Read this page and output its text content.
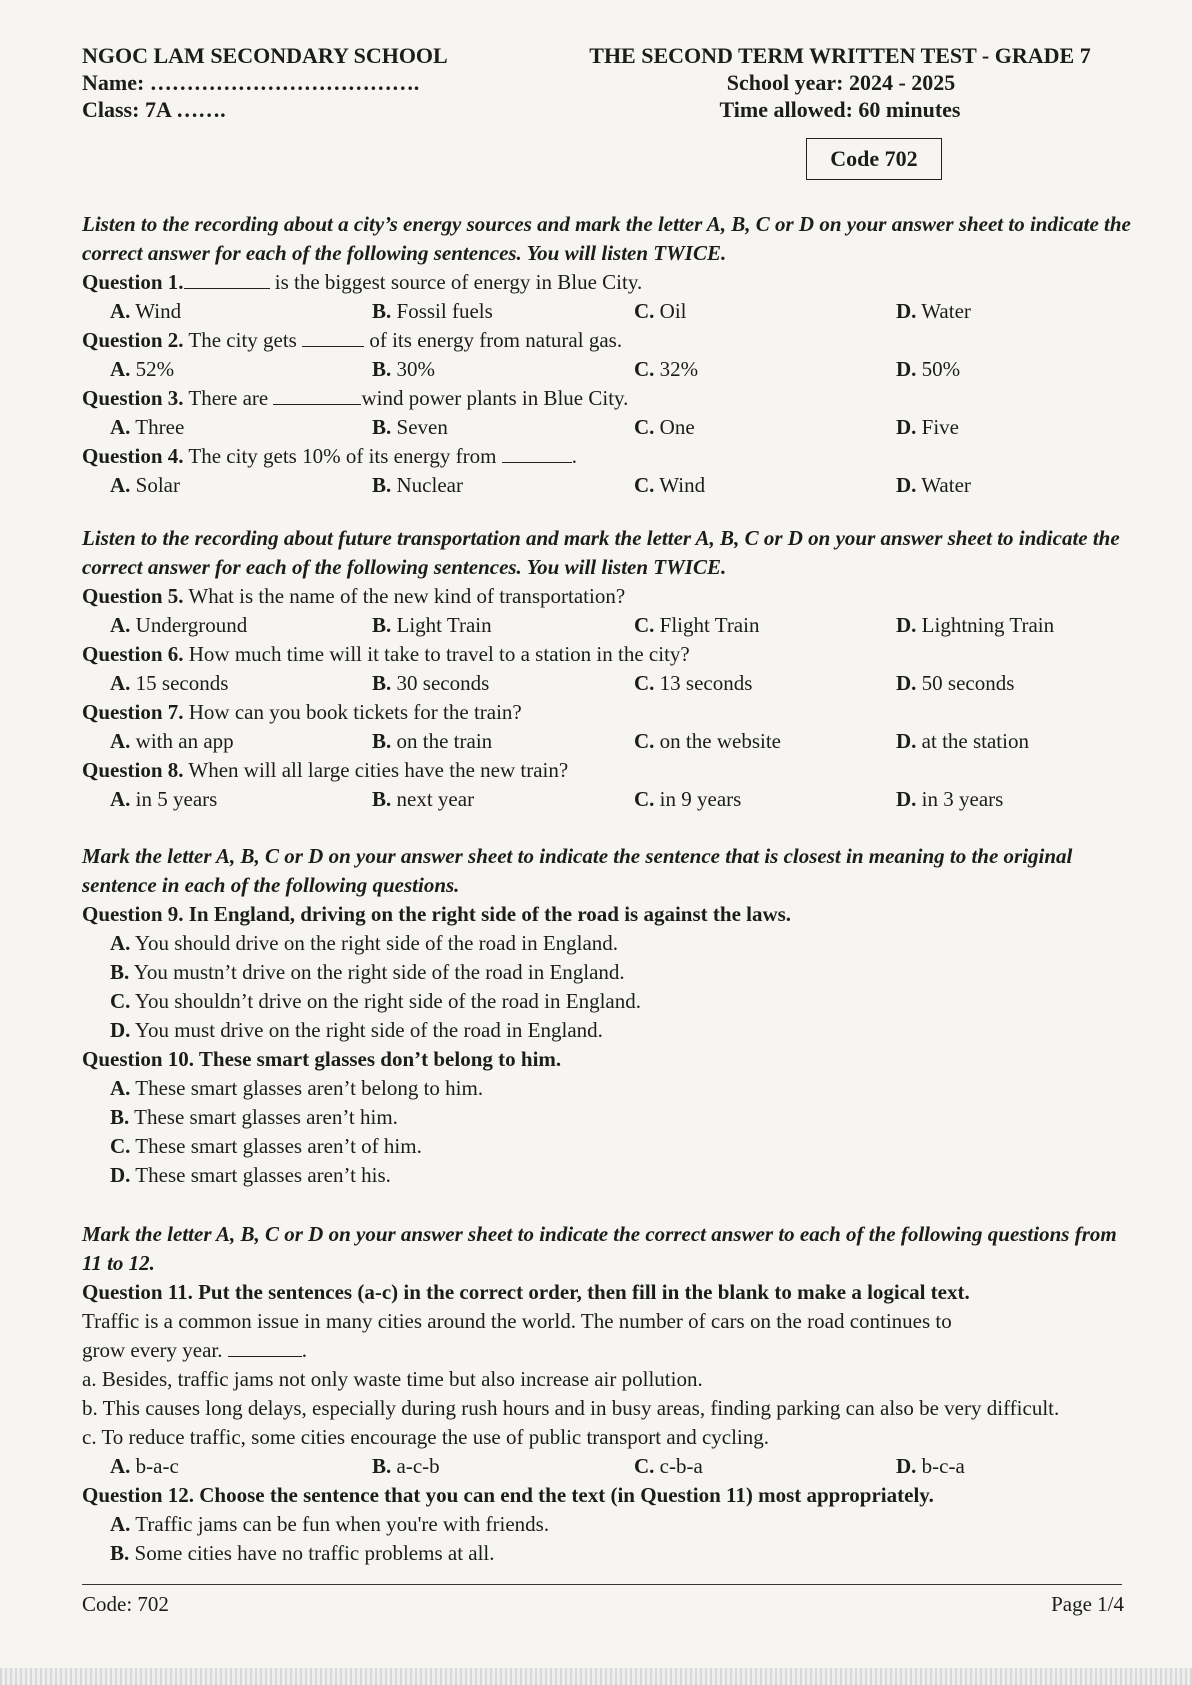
NGOC LAM SECONDARY SCHOOL
Name: ……………………………….
Class: 7A …….
THE SECOND TERM WRITTEN TEST - GRADE 7
School year: 2024 - 2025
Time allowed: 60 minutes
Code 702
Listen to the recording about a city’s energy sources and mark the letter A, B, C or D on your answer sheet to indicate the correct answer for each of the following sentences. You will listen TWICE.
Question 1.	is the biggest source of energy in Blue City.
A. Wind	B. Fossil fuels	C. Oil	D. Water
Question 2. The city gets	of its energy from natural gas.
A. 52%	B. 30%	C. 32%	D. 50%
Question 3. There are	wind power plants in Blue City.
A. Three	B. Seven	C. One	D. Five
Question 4. The city gets 10% of its energy from	.
A. Solar	B. Nuclear	C. Wind	D. Water
Listen to the recording about future transportation and mark the letter A, B, C or D on your answer sheet to indicate the correct answer for each of the following sentences. You will listen TWICE.
Question 5. What is the name of the new kind of transportation?
A. Underground	B. Light Train	C. Flight Train	D. Lightning Train
Question 6. How much time will it take to travel to a station in the city?
A. 15 seconds	B. 30 seconds	C. 13 seconds	D. 50 seconds
Question 7. How can you book tickets for the train?
A. with an app	B. on the train	C. on the website	D. at the station
Question 8. When will all large cities have the new train?
A. in 5 years	B. next year	C. in 9 years	D. in 3 years
Mark the letter A, B, C or D on your answer sheet to indicate the sentence that is closest in meaning to the original sentence in each of the following questions.
Question 9. In England, driving on the right side of the road is against the laws.
A. You should drive on the right side of the road in England.
B. You mustn’t drive on the right side of the road in England.
C. You shouldn’t drive on the right side of the road in England.
D. You must drive on the right side of the road in England.
Question 10. These smart glasses don’t belong to him.
A. These smart glasses aren’t belong to him.
B. These smart glasses aren’t him.
C. These smart glasses aren’t of him.
D. These smart glasses aren’t his.
Mark the letter A, B, C or D on your answer sheet to indicate the correct answer to each of the following questions from 11 to 12.
Question 11. Put the sentences (a-c) in the correct order, then fill in the blank to make a logical text.
Traffic is a common issue in many cities around the world. The number of cars on the road continues to
grow every year.	.
a. Besides, traffic jams not only waste time but also increase air pollution.
b. This causes long delays, especially during rush hours and in busy areas, finding parking can also be very difficult.
c. To reduce traffic, some cities encourage the use of public transport and cycling.
A. b-a-c	B. a-c-b	C. c-b-a	D. b-c-a
Question 12. Choose the sentence that you can end the text (in Question 11) most appropriately.
A. Traffic jams can be fun when you're with friends.
B. Some cities have no traffic problems at all.
Code: 702	Page 1/4
